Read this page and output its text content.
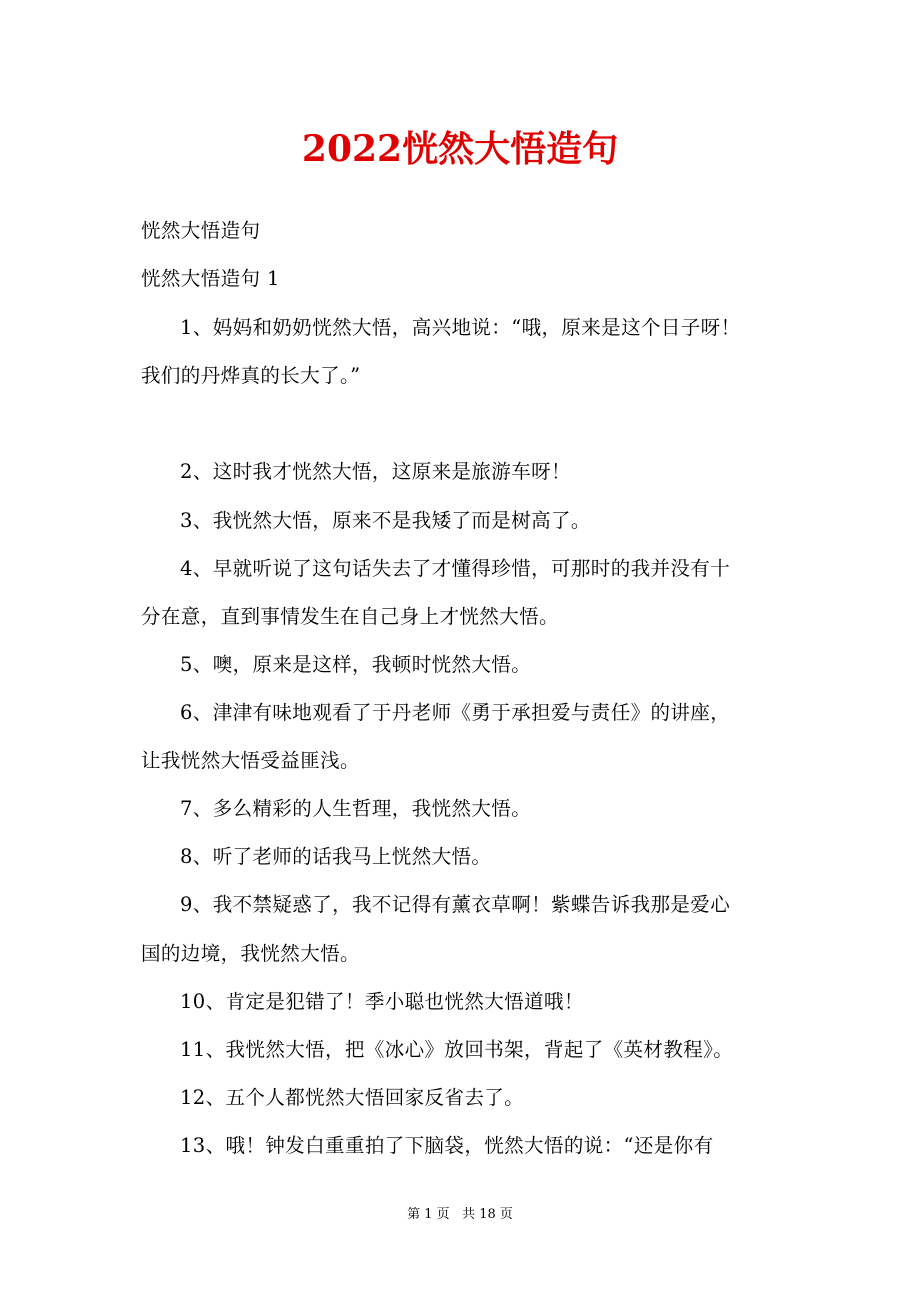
2022恍然大悟造句
恍然大悟造句
恍然大悟造句 1
1、妈妈和奶奶恍然大悟，高兴地说：“哦，原来是这个日子呀！
我们的丹烨真的长大了。”
2、这时我才恍然大悟，这原来是旅游车呀！
3、我恍然大悟，原来不是我矮了而是树高了。
4、早就听说了这句话失去了才懂得珍惜，可那时的我并没有十
分在意，直到事情发生在自己身上才恍然大悟。
5、噢，原来是这样，我顿时恍然大悟。
6、津津有味地观看了于丹老师《勇于承担爱与责任》的讲座，
让我恍然大悟受益匪浅。
7、多么精彩的人生哲理，我恍然大悟。
8、听了老师的话我马上恍然大悟。
9、我不禁疑惑了，我不记得有薰衣草啊！紫蝶告诉我那是爱心
国的边境，我恍然大悟。
10、肯定是犯错了！季小聪也恍然大悟道哦！
11、我恍然大悟，把《冰心》放回书架，背起了《英材教程》。
12、五个人都恍然大悟回家反省去了。
13、哦！钟发白重重拍了下脑袋，恍然大悟的说：“还是你有
第 1 页   共 18 页
